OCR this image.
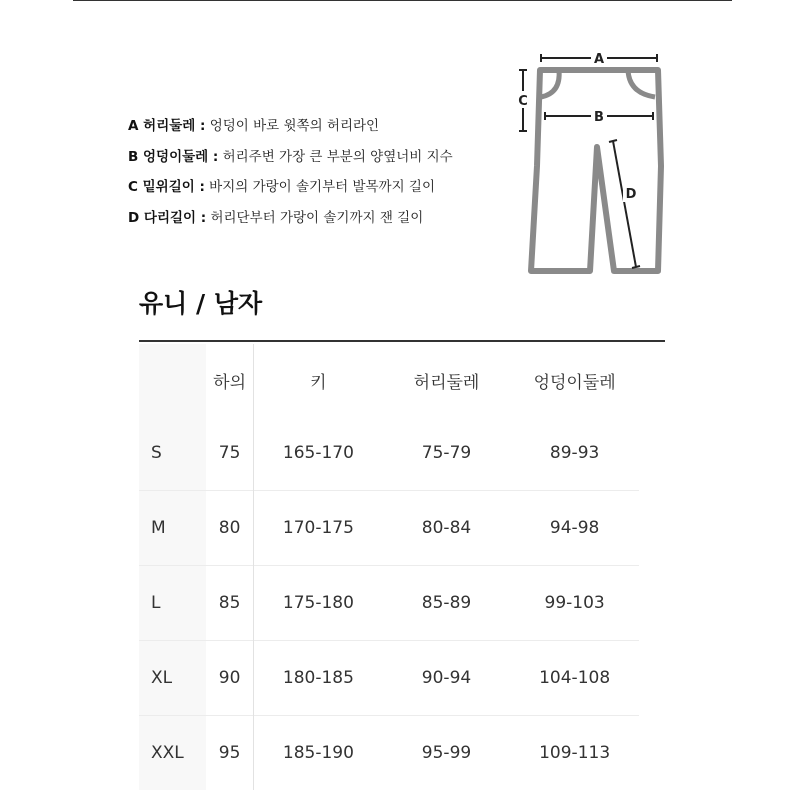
A 허리둘레 : 엉덩이 바로 윗쪽의 허리라인
B 엉덩이둘레 : 허리주변 가장 큰 부분의 양옆너비 지수
C 밑위길이 : 바지의 가랑이 솔기부터 발목까지 길이
D 다리길이 : 허리단부터 가랑이 솔기까지 잰 길이
A
B
C
D
유니 / 남자
	하의	키	허리둘레	엉덩이둘레
S	75	165-170	75-79	89-93
M	80	170-175	80-84	94-98
L	85	175-180	85-89	99-103
XL	90	180-185	90-94	104-108
XXL	95	185-190	95-99	109-113
